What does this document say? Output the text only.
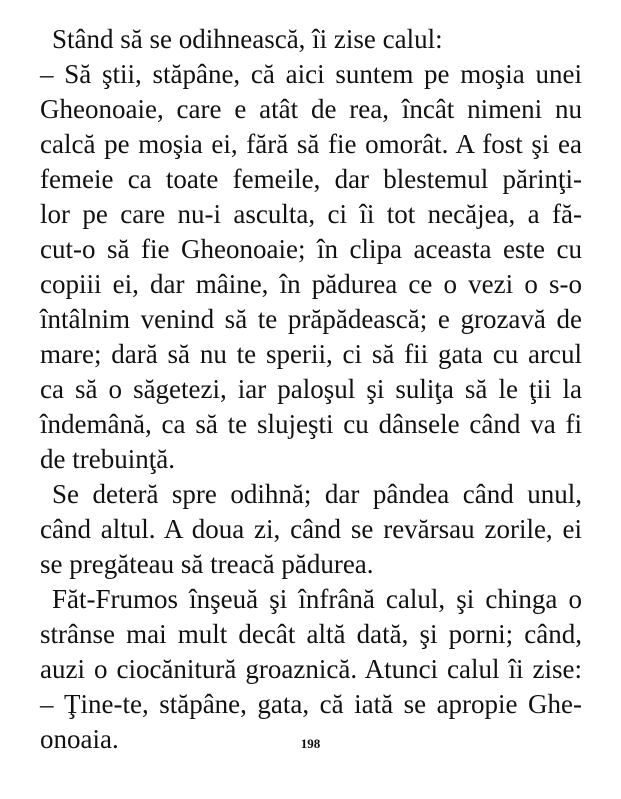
Stând să se odihnească, îi zise calul:
– Să ştii, stăpâne, că aici suntem pe moşia unei
Gheonoaie, care e atât de rea, încât nimeni nu
calcă pe moşia ei, fără să fie omorât. A fost şi ea
femeie ca toate femeile, dar blestemul părinţi-
lor pe care nu-i asculta, ci îi tot necăjea, a fă-
cut-o să fie Gheonoaie; în clipa aceasta este cu
copiii ei, dar mâine, în pădurea ce o vezi o s-o
întâlnim venind să te prăpădească; e grozavă de
mare; dară să nu te sperii, ci să fii gata cu arcul
ca să o săgetezi, iar paloşul şi suliţa să le ţii la
îndemână, ca să te slujeşti cu dânsele când va fi
de trebuinţă.
Se deteră spre odihnă; dar pândea când unul,
când altul. A doua zi, când se revărsau zorile, ei
se pregăteau să treacă pădurea.
Făt-Frumos înşeuă şi înfrână calul, şi chinga o
strânse mai mult decât altă dată, şi porni; când,
auzi o ciocănitură groaznică. Atunci calul îi zise:
– Ţine-te, stăpâne, gata, că iată se apropie Ghe-
onoaia.	198
